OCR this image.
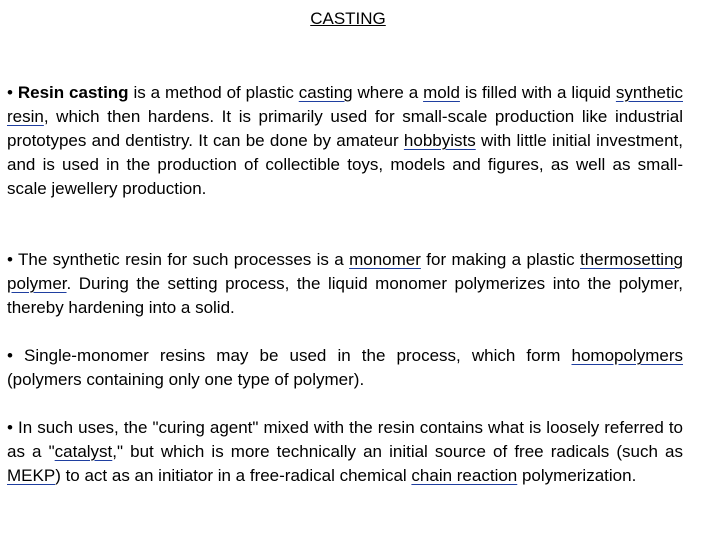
CASTING

• Resin casting is a method of plastic casting where a mold is filled with a liquid synthetic resin, which then hardens. It is primarily used for small-scale production like industrial prototypes and dentistry. It can be done by amateur hobbyists with little initial investment, and is used in the production of collectible toys, models and figures, as well as small-scale jewellery production.

• The synthetic resin for such processes is a monomer for making a plastic thermosetting polymer. During the setting process, the liquid monomer polymerizes into the polymer, thereby hardening into a solid.

• Single-monomer resins may be used in the process, which form homopolymers (polymers containing only one type of polymer).

• In such uses, the "curing agent" mixed with the resin contains what is loosely referred to as a "catalyst," but which is more technically an initial source of free radicals (such as MEKP) to act as an initiator in a free-radical chemical chain reaction polymerization.
